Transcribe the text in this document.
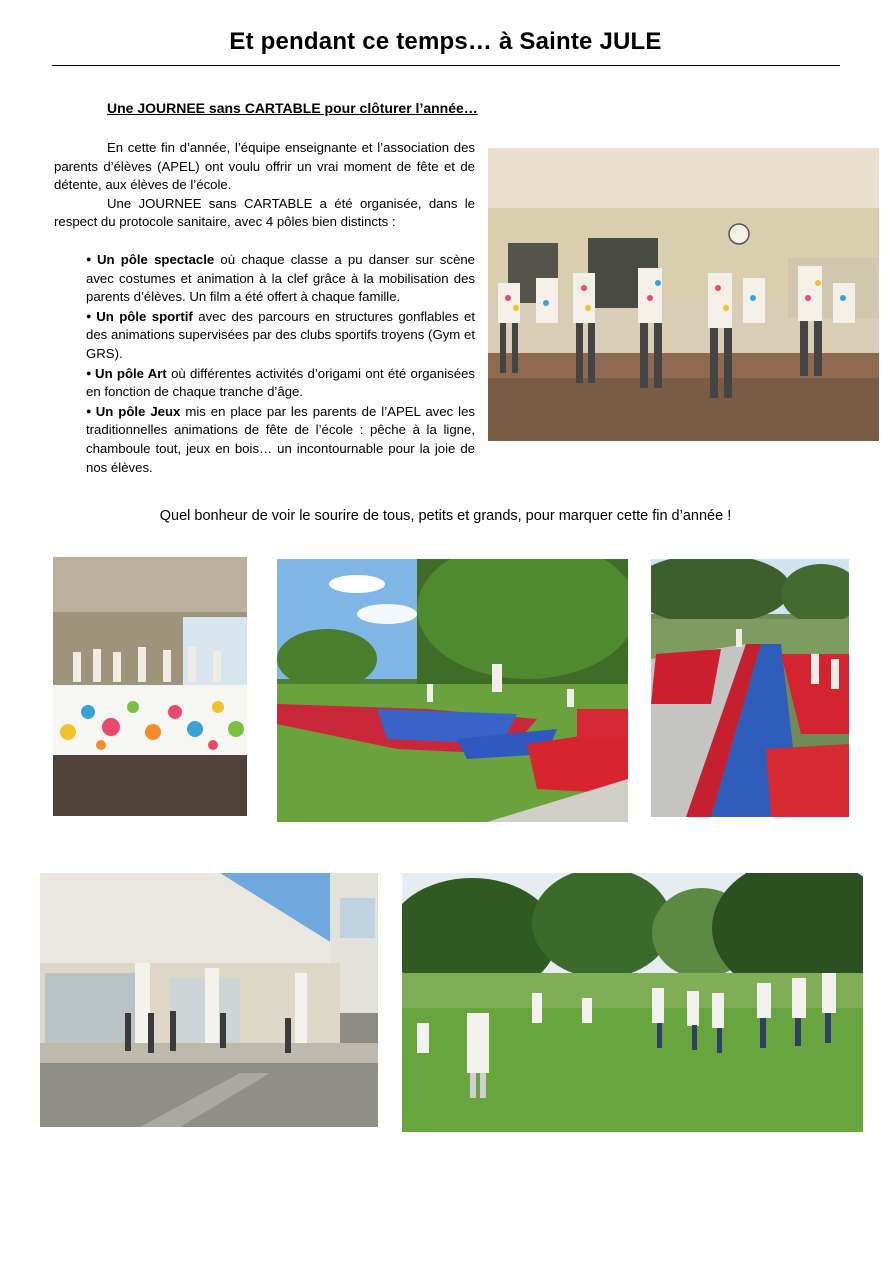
Et pendant ce temps… à Sainte JULE
Une JOURNEE sans CARTABLE pour clôturer l’année…

En cette fin d’année, l’équipe enseignante et l’association des parents d’élèves (APEL) ont voulu offrir un vrai moment de fête et de détente, aux élèves de l’école.

Une JOURNEE sans CARTABLE a été organisée, dans le respect du protocole sanitaire, avec 4 pôles bien distincts :

● Un pôle spectacle où chaque classe a pu danser sur scène avec costumes et animation à la clef grâce à la mobilisation des parents d’élèves. Un film a été offert à chaque famille.
● Un pôle sportif avec des parcours en structures gonflables et des animations supervisées par des clubs sportifs troyens (Gym et GRS).
● Un pôle Art où différentes activités d’origami ont été organisées en fonction de chaque tranche d’âge.
● Un pôle Jeux mis en place par les parents de l’APEL avec les traditionnelles animations de fête de l’école : pêche à la ligne, chamboule tout, jeux en bois… un incontournable pour la joie de nos élèves.
Quel bonheur de voir le sourire de tous, petits et grands, pour marquer cette fin d’année !
